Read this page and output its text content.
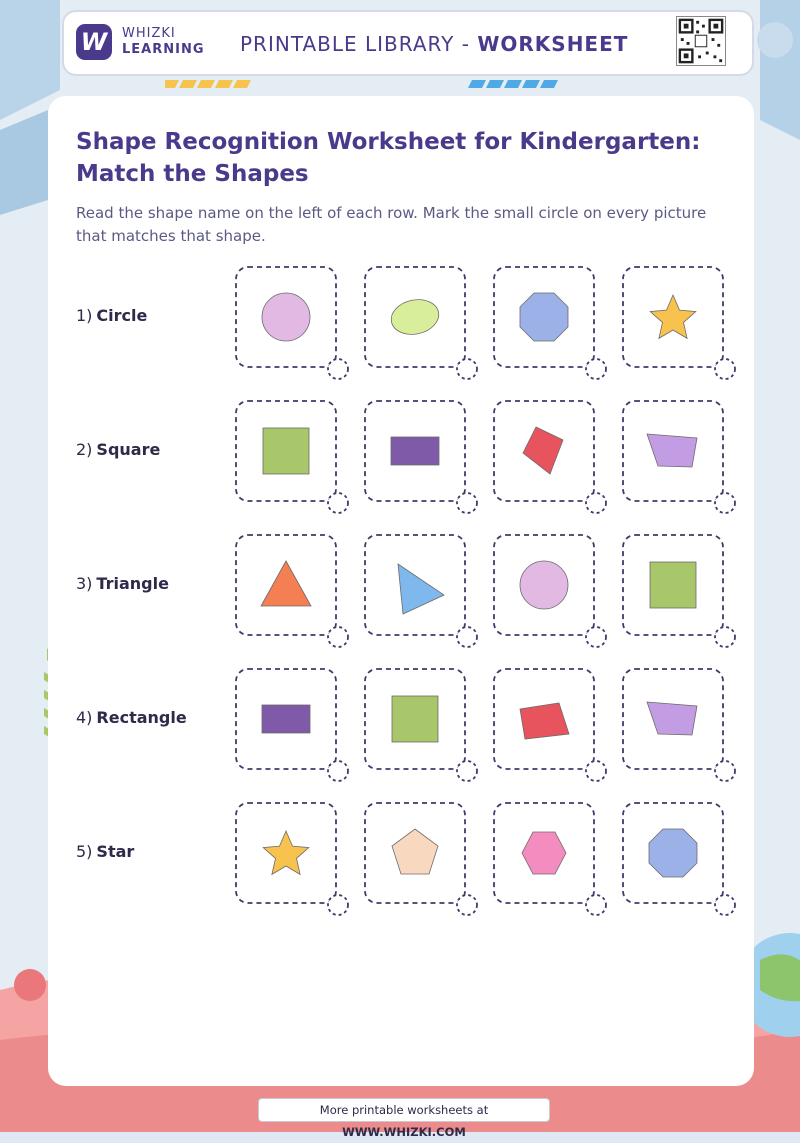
W	WHIZKI
LEARNING PRINTABLE LIBRARY - WORKSHEET
Shape Recognition Worksheet for Kindergarten:
Match the Shapes
Read the shape name on the left of each row. Mark the small circle on every picture that matches that shape.
1) Circle
2) Square
3) Triangle
4) Rectangle
5) Star
More printable worksheets at WWW.WHIZKI.COM
